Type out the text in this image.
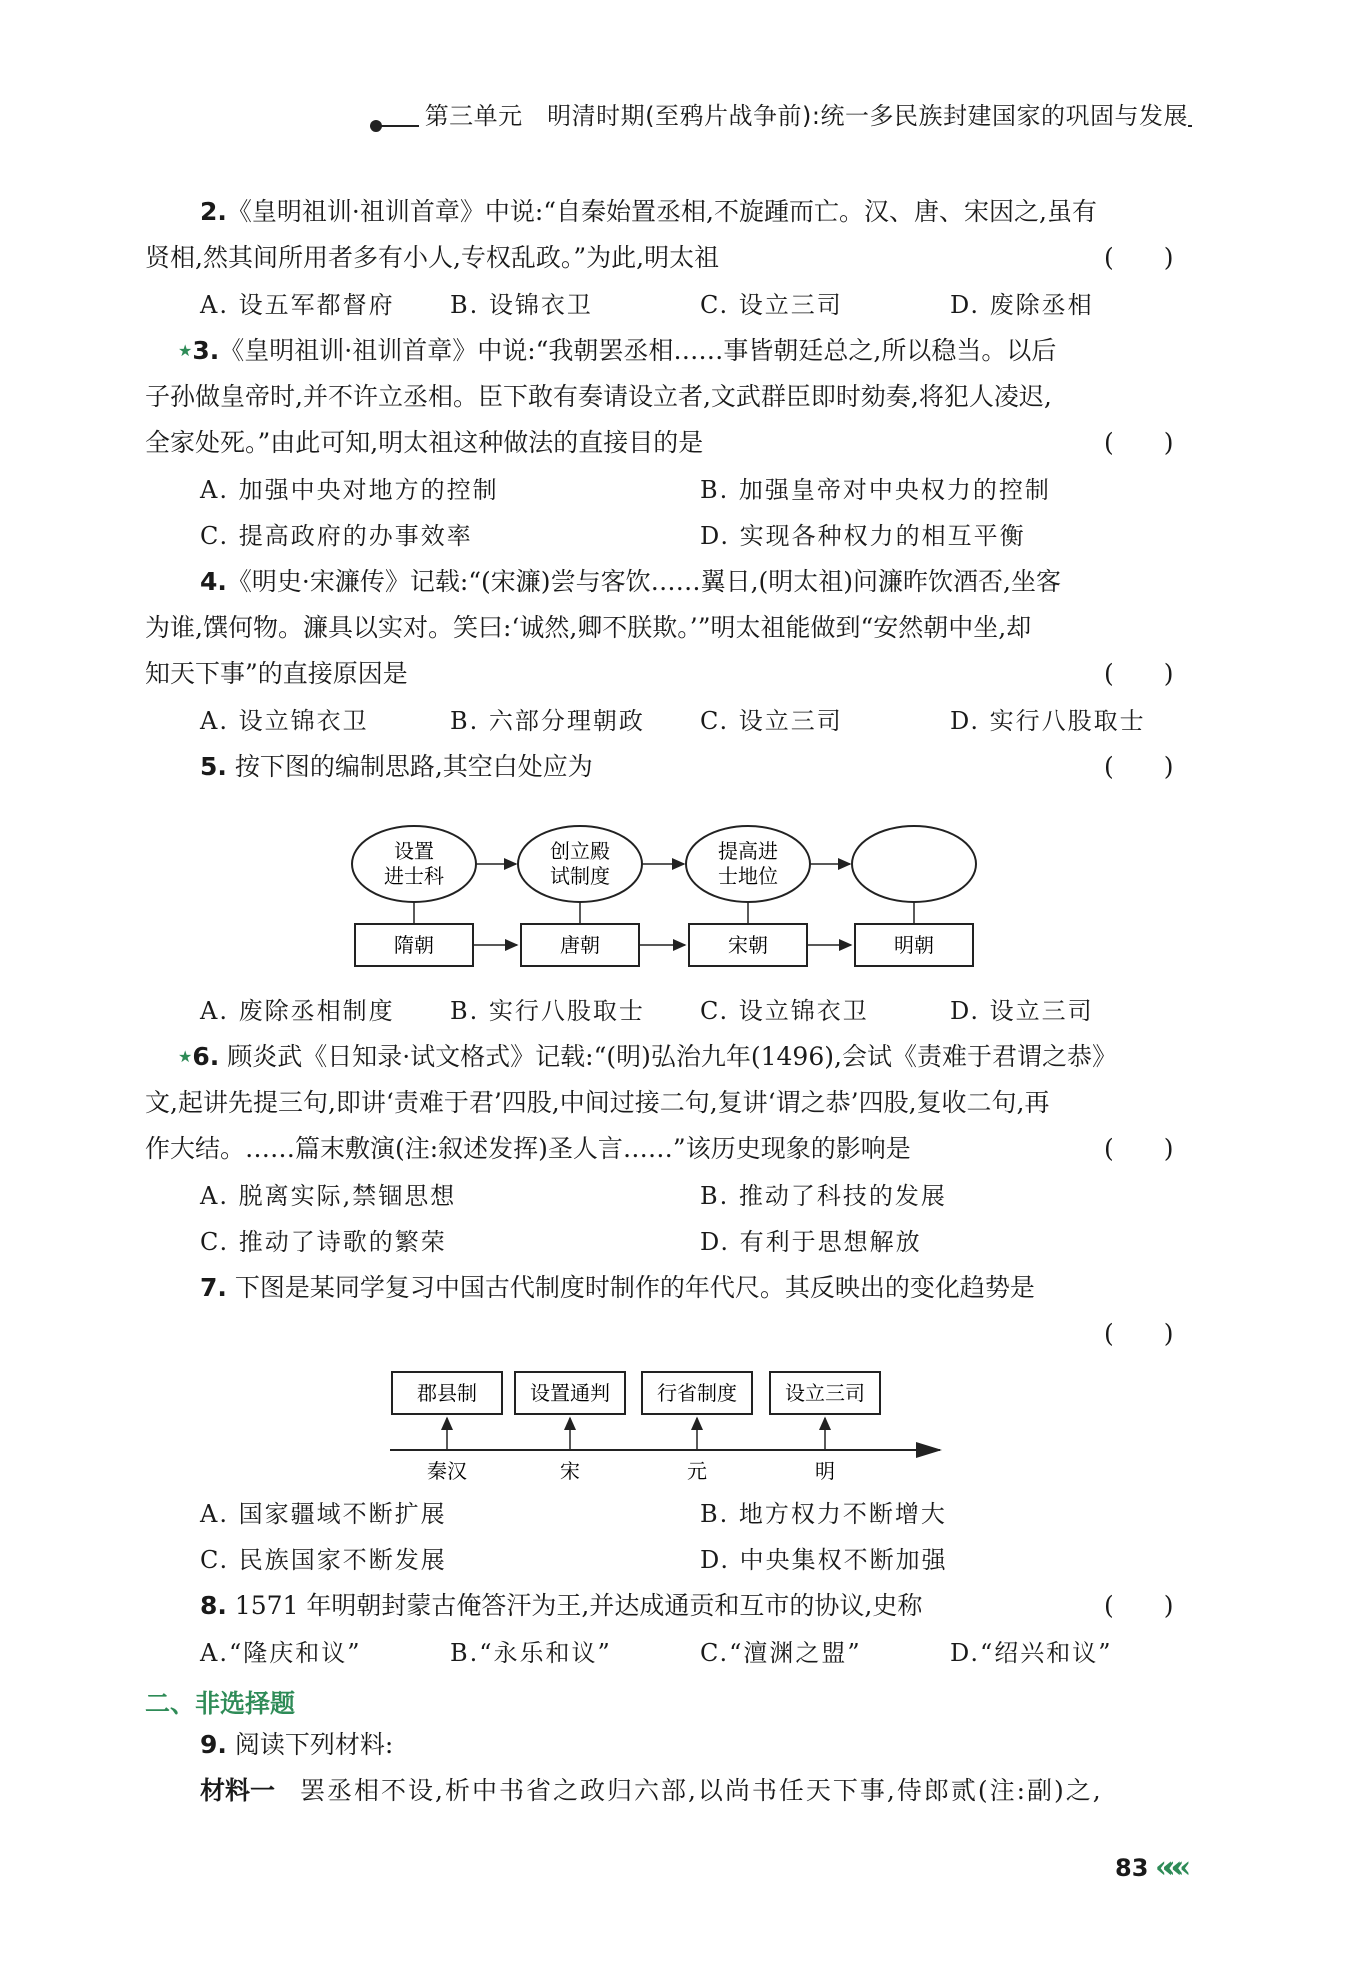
第三单元　明清时期(至鸦片战争前):统一多民族封建国家的巩固与发展
2.《皇明祖训·祖训首章》中说:“自秦始置丞相,不旋踵而亡。汉、唐、宋因之,虽有
贤相,然其间所用者多有小人,专权乱政。”为此,明太祖	(　　)
A. 设五军都督府 B. 设锦衣卫	C. 设立三司	D. 废除丞相
★3.《皇明祖训·祖训首章》中说:“我朝罢丞相……事皆朝廷总之,所以稳当。以后
子孙做皇帝时,并不许立丞相。臣下敢有奏请设立者,文武群臣即时劾奏,将犯人凌迟,
全家处死。”由此可知,明太祖这种做法的直接目的是	(　　)
A. 加强中央对地方的控制	B. 加强皇帝对中央权力的控制
C. 提高政府的办事效率	D. 实现各种权力的相互平衡
4.《明史·宋濂传》记载:“(宋濂)尝与客饮……翼日,(明太祖)问濂昨饮酒否,坐客
为谁,馔何物。濂具以实对。笑曰:‘诚然,卿不朕欺。’”明太祖能做到“安然朝中坐,却
知天下事”的直接原因是	(　　)
A. 设立锦衣卫	B. 六部分理朝政 C. 设立三司	D. 实行八股取士
5. 按下图的编制思路,其空白处应为	(　　)
设置
进士科
创立殿
试制度
提高进
士地位
隋朝	唐朝	宋朝	明朝
A. 废除丞相制度 B. 实行八股取士 C. 设立锦衣卫	D. 设立三司
★6. 顾炎武《日知录·试文格式》记载:“(明)弘治九年(1496),会试《责难于君谓之恭》
文,起讲先提三句,即讲‘责难于君’四股,中间过接二句,复讲‘谓之恭’四股,复收二句,再
作大结。……篇末敷演(注:叙述发挥)圣人言……”该历史现象的影响是	(　　)
A. 脱离实际,禁锢思想	B. 推动了科技的发展
C. 推动了诗歌的繁荣	D. 有利于思想解放
7. 下图是某同学复习中国古代制度时制作的年代尺。其反映出的变化趋势是
(　　)
郡县制	设置通判 行省制度 设立三司
秦汉	宋	元	明
A. 国家疆域不断扩展	B. 地方权力不断增大
C. 民族国家不断发展	D. 中央集权不断加强
8. 1571 年明朝封蒙古俺答汗为王,并达成通贡和互市的协议,史称	(　　)
A.“隆庆和议”	B.“永乐和议”	C.“澶渊之盟”	D.“绍兴和议”
二、非选择题
9. 阅读下列材料:
材料一　 罢丞相不设,析中书省之政归六部,以尚书任天下事,侍郎贰(注:副)之,
83 «««
